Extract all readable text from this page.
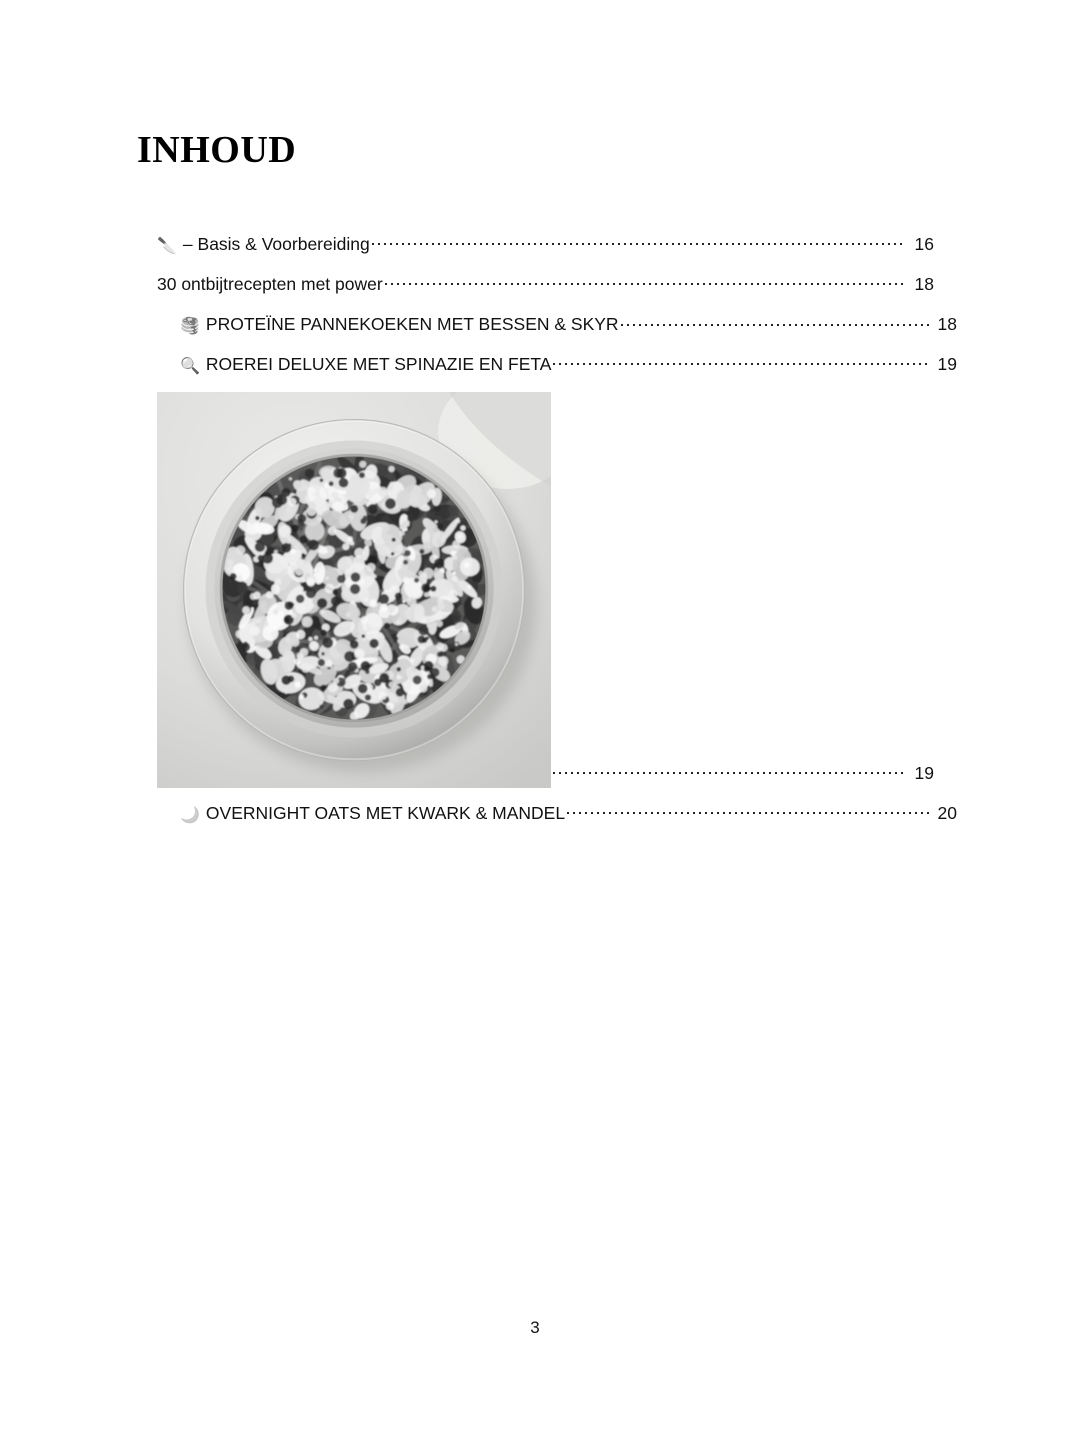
INHOUD
🔪 – Basis & Voorbereiding	16
30 ontbijtrecepten met power	18
🥞 PROTEÏNE PANNEKOEKEN MET BESSEN & SKYR	18
🔍 ROEREI DELUXE MET SPINAZIE EN FETA	19
19
🌙 OVERNIGHT OATS MET KWARK & MANDEL	20
3
